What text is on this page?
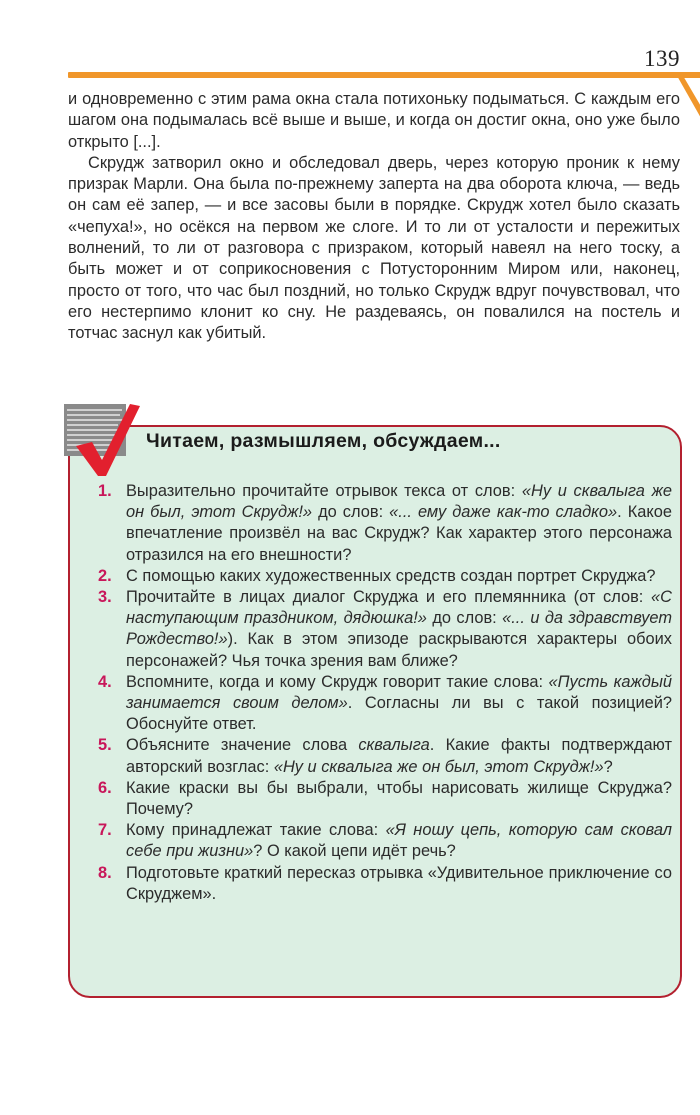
139

и одновременно с этим рама окна стала потихоньку подыматься. С каждым его шагом она подымалась всё выше и выше, и когда он достиг окна, оно уже было открыто [...].

Скрудж затворил окно и обследовал дверь, через которую проник к нему призрак Марли. Она была по-прежнему заперта на два оборота ключа, — ведь он сам её запер, — и все засовы были в порядке. Скрудж хотел было сказать «чепуха!», но осёкся на первом же слоге. И то ли от усталости и пережитых волнений, то ли от разговора с призраком, который навеял на него тоску, а быть может и от соприкосновения с Потусторонним Миром или, наконец, просто от того, что час был поздний, но только Скрудж вдруг почувствовал, что его нестерпимо клонит ко сну. Не раздеваясь, он повалился на постель и тотчас заснул как убитый.

Читаем, размышляем, обсуждаем...
1. Выразительно прочитайте отрывок текса от слов: «Ну и сквалыга же он был, этот Скрудж!» до слов: «... ему даже как-то сладко». Какое впечатление произвёл на вас Скрудж? Как характер этого персонажа отразился на его внешности?
2. С помощью каких художественных средств создан портрет Скруджа?
3. Прочитайте в лицах диалог Скруджа и его племянника (от слов: «С наступающим праздником, дядюшка!» до слов: «... и да здравствует Рождество!»). Как в этом эпизоде раскрываются характеры обоих персонажей? Чья точка зрения вам ближе?
4. Вспомните, когда и кому Скрудж говорит такие слова: «Пусть каждый занимается своим делом». Согласны ли вы с такой позицией? Обоснуйте ответ.
5. Объясните значение слова сквалыга. Какие факты подтверждают авторский возглас: «Ну и сквалыга же он был, этот Скрудж!»?
6. Какие краски вы бы выбрали, чтобы нарисовать жилище Скруджа? Почему?
7. Кому принадлежат такие слова: «Я ношу цепь, которую сам сковал себе при жизни»? О какой цепи идёт речь?
8. Подготовьте краткий пересказ отрывка «Удивительное приключение со Скруджем».
